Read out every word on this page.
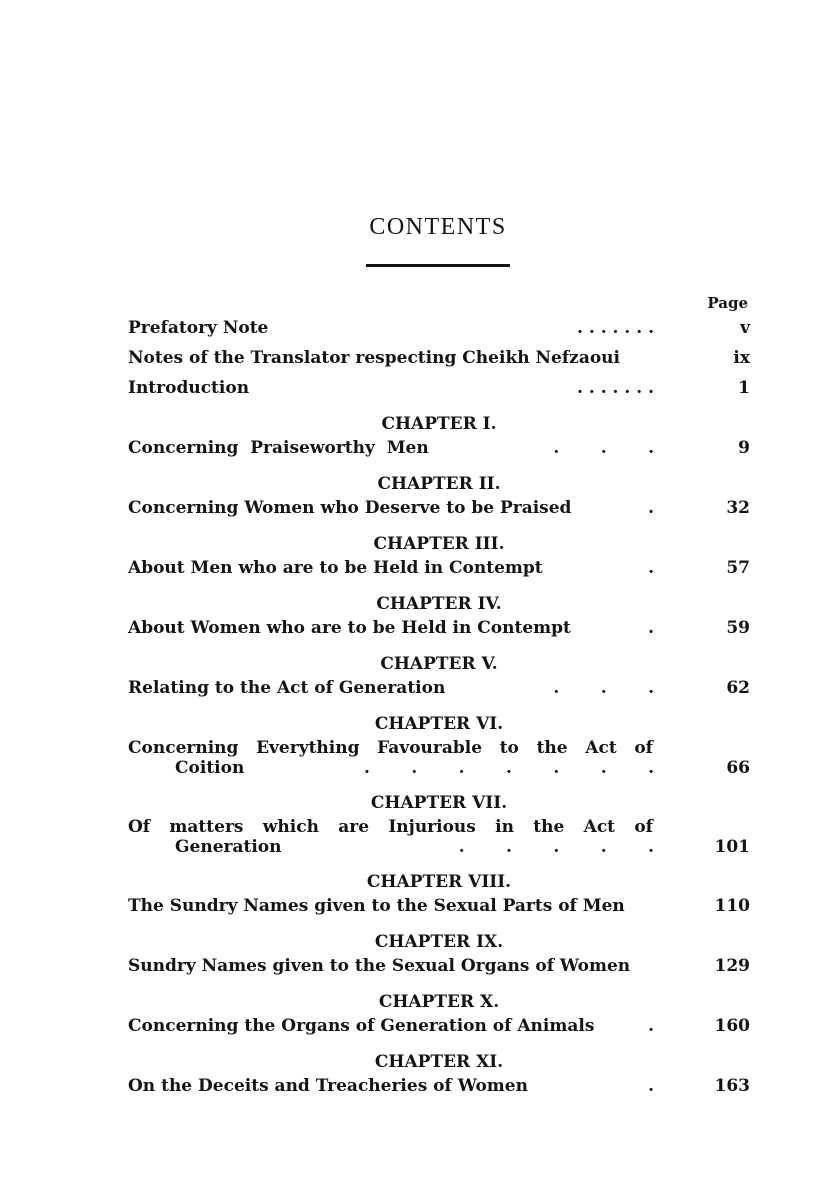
CONTENTS
Page
Prefatory Note	. . . . . . .	v
Notes of the Translator respecting Cheikh Nefzaoui	ix
Introduction	. . . . . . .	1
CHAPTER I.
Concerning  Praiseworthy  Men	.       .       .	9
CHAPTER II.
Concerning Women who Deserve to be Praised	.	32
CHAPTER III.
About Men who are to be Held in Contempt	.	57
CHAPTER IV.
About Women who are to be Held in Contempt	.	59
CHAPTER V.
Relating to the Act of Generation	.       .       .	62
CHAPTER VI.
Concerning Everything Favourable to the Act of
Coition	.       .       .       .       .       .       .	66
CHAPTER VII.
Of matters which are Injurious in the Act of
Generation	.       .       .       .       .	101
CHAPTER VIII.
The Sundry Names given to the Sexual Parts of Men	110
CHAPTER IX.
Sundry Names given to the Sexual Organs of Women	129
CHAPTER X.
Concerning the Organs of Generation of Animals	.	160
CHAPTER XI.
On the Deceits and Treacheries of Women	.	163
